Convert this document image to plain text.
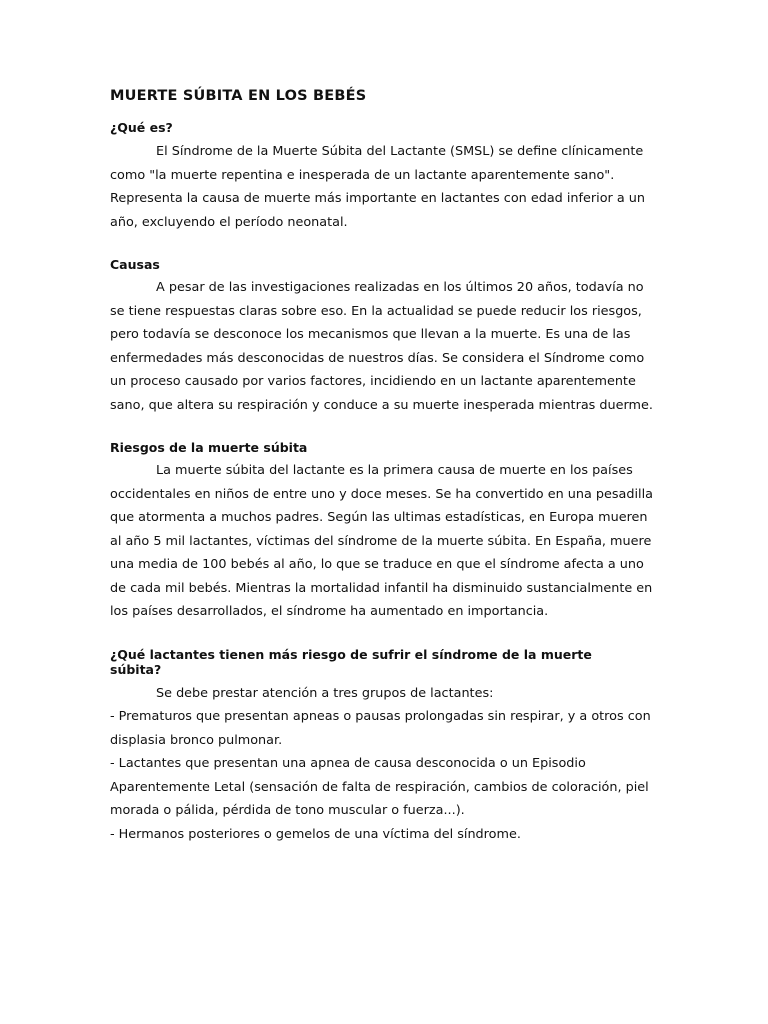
MUERTE SÚBITA EN LOS BEBÉS
¿Qué es?

El Síndrome de la Muerte Súbita del Lactante (SMSL) se define clínicamente como "la muerte repentina e inesperada de un lactante aparentemente sano". Representa la causa de muerte más importante en lactantes con edad inferior a un año, excluyendo el período neonatal.

Causas

A pesar de las investigaciones realizadas en los últimos 20 años, todavía no se tiene respuestas claras sobre eso. En la actualidad se puede reducir los riesgos, pero todavía se desconoce los mecanismos que llevan a la muerte. Es una de las enfermedades más desconocidas de nuestros días. Se considera el Síndrome como un proceso causado por varios factores, incidiendo en un lactante aparentemente sano, que altera su respiración y conduce a su muerte inesperada mientras duerme.

Riesgos de la muerte súbita

La muerte súbita del lactante es la primera causa de muerte en los países occidentales en niños de entre uno y doce meses. Se ha convertido en una pesadilla que atormenta a muchos padres. Según las ultimas estadísticas, en Europa mueren al año 5 mil lactantes, víctimas del síndrome de la muerte súbita. En España, muere una media de 100 bebés al año, lo que se traduce en que el síndrome afecta a uno de cada mil bebés. Mientras la mortalidad infantil ha disminuido sustancialmente en los países desarrollados, el síndrome ha aumentado en importancia.

¿Qué lactantes tienen más riesgo de sufrir el síndrome de la muerte súbita?

Se debe prestar atención a tres grupos de lactantes:

- Prematuros que presentan apneas o pausas prolongadas sin respirar, y a otros con displasia bronco pulmonar.

- Lactantes que presentan una apnea de causa desconocida o un Episodio Aparentemente Letal (sensación de falta de respiración, cambios de coloración, piel morada o pálida, pérdida de tono muscular o fuerza...).

- Hermanos posteriores o gemelos de una víctima del síndrome.
